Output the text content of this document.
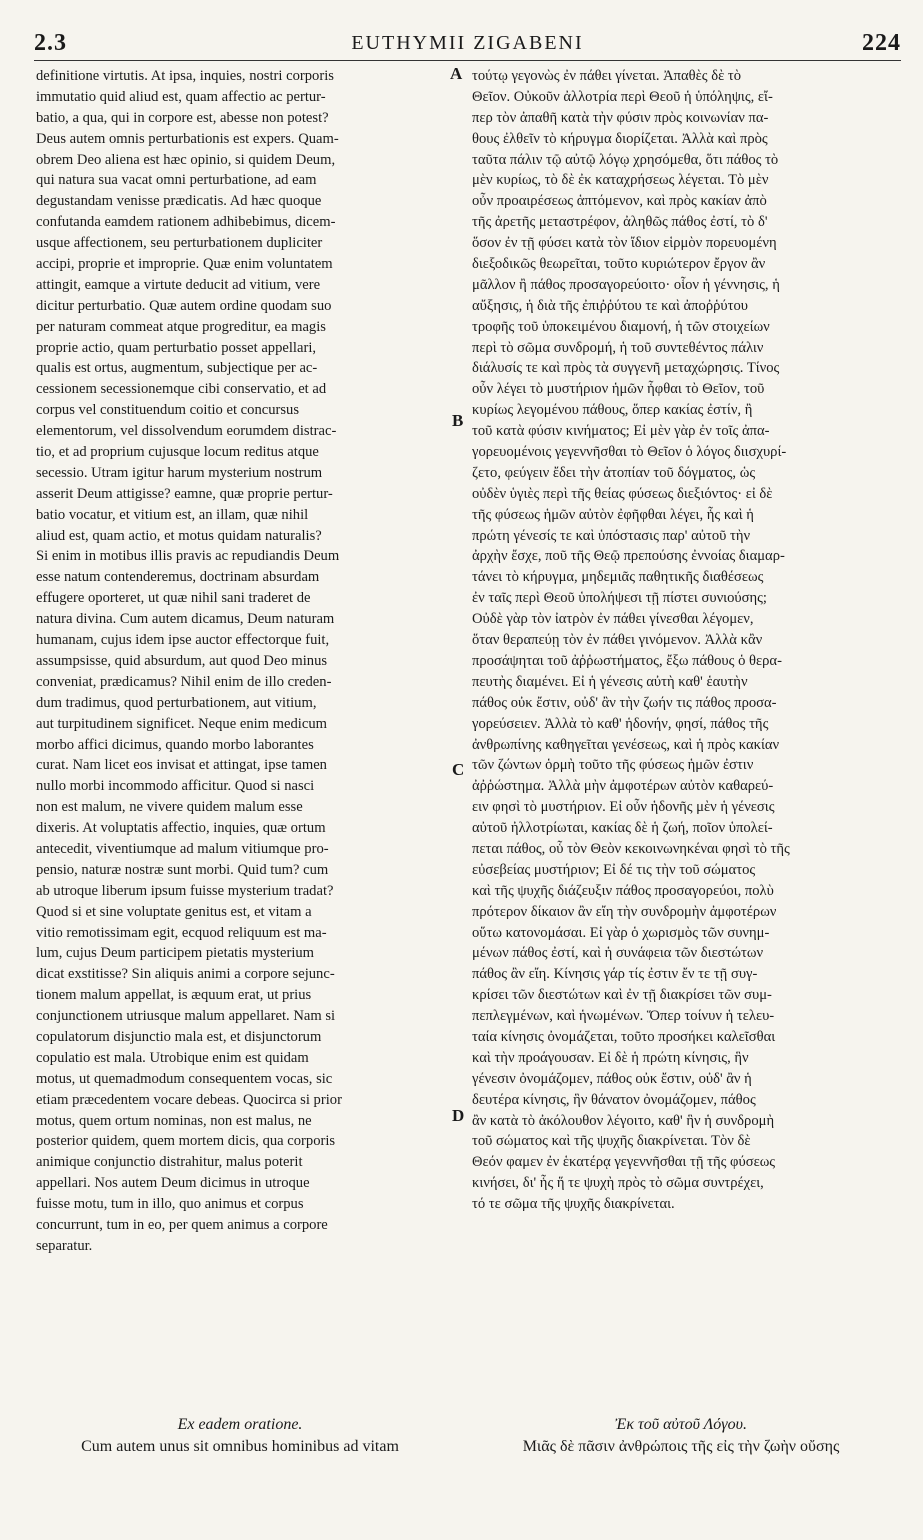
2.3	EUTHYMII ZIGABENI	224
definitione virtutis. At ipsa, inquies, nostri corporis
immutatio quid aliud est, quam affectio ac pertur-
batio, a qua, qui in corpore est, abesse non potest?
Deus autem omnis perturbationis est expers. Quam-
obrem Deo aliena est hæc opinio, si quidem Deum,
qui natura sua vacat omni perturbatione, ad eam
degustandam venisse prædicatis. Ad hæc quoque
confutanda eamdem rationem adhibebimus, dicem-
usque affectionem, seu perturbationem dupliciter
accipi, proprie et improprie. Quæ enim voluntatem
attingit, eamque a virtute deducit ad vitium, vere
dicitur perturbatio. Quæ autem ordine quodam suo
per naturam commeat atque progreditur, ea magis
proprie actio, quam perturbatio posset appellari,
qualis est ortus, augmentum, subjectique per ac-
cessionem secessionemque cibi conservatio, et ad
corpus vel constituendum coitio et concursus
elementorum, vel dissolvendum eorumdem distrac-
tio, et ad proprium cujusque locum reditus atque
secessio. Utram igitur harum mysterium nostrum
asserit Deum attigisse? eamne, quæ proprie pertur-
batio vocatur, et vitium est, an illam, quæ nihil
aliud est, quam actio, et motus quidam naturalis?
Si enim in motibus illis pravis ac repudiandis Deum
esse natum contenderemus, doctrinam absurdam
effugere oporteret, ut quæ nihil sani traderet de
natura divina. Cum autem dicamus, Deum naturam
humanam, cujus idem ipse auctor effectorque fuit,
assumpsisse, quid absurdum, aut quod Deo minus
conveniat, prædicamus? Nihil enim de illo creden-
dum tradimus, quod perturbationem, aut vitium,
aut turpitudinem significet. Neque enim medicum
morbo affici dicimus, quando morbo laborantes
curat. Nam licet eos invisat et attingat, ipse tamen
nullo morbi incommodo afficitur. Quod si nasci
non est malum, ne vivere quidem malum esse
dixeris. At voluptatis affectio, inquies, quæ ortum
antecedit, viventiumque ad malum vitiumque pro-
pensio, naturæ nostræ sunt morbi. Quid tum? cum
ab utroque liberum ipsum fuisse mysterium tradat?
Quod si et sine voluptate genitus est, et vitam a
vitio remotissimam egit, ecquod reliquum est ma-
lum, cujus Deum participem pietatis mysterium
dicat exstitisse? Sin aliquis animi a corpore sejunc-
tionem malum appellat, is æquum erat, ut prius
conjunctionem utriusque malum appellaret. Nam si
copulatorum disjunctio mala est, et disjunctorum
copulatio est mala. Utrobique enim est quidam
motus, ut quemadmodum consequentem vocas, sic
etiam præcedentem vocare debeas. Quocirca si prior
motus, quem ortum nominas, non est malus, ne
posterior quidem, quem mortem dicis, qua corporis
animique conjunctio distrahitur, malus poterit
appellari. Nos autem Deum dicimus in utroque
fuisse motu, tum in illo, quo animus et corpus
concurrunt, tum in eo, per quem animus a corpore
separatur.
τούτῳ γεγονὼς ἐν πάθει γίνεται. Ἀπαθὲς δὲ τὸ
Θεῖον. Οὐκοῦν ἀλλοτρία περὶ Θεοῦ ἡ ὑπόληψις, εἴ-
περ τὸν ἀπαθῆ κατὰ τὴν φύσιν πρὸς κοινωνίαν πα-
θους ἐλθεῖν τὸ κήρυγμα διορίζεται. Ἀλλὰ καὶ πρὸς
ταῦτα πάλιν τῷ αὐτῷ λόγῳ χρησόμεθα, ὅτι πάθος τὸ
μὲν κυρίως, τὸ δὲ ἐκ καταχρήσεως λέγεται. Τὸ μὲν
οὖν προαιρέσεως ἁπτόμενον, καὶ πρὸς κακίαν ἀπὸ
τῆς ἀρετῆς μεταστρέφον, ἀληθῶς πάθος ἐστί, τὸ δ'
ὅσον ἐν τῇ φύσει κατὰ τὸν ἴδιον εἱρμὸν πορευομένη
διεξοδικῶς θεωρεῖται, τοῦτο κυριώτερον ἔργον ἂν
μᾶλλον ἢ πάθος προσαγορεύοιτο· οἷον ἡ γέννησις, ἡ
αὔξησις, ἡ διὰ τῆς ἐπιῤῥύτου τε καὶ ἀποῤῥύτου
τροφῆς τοῦ ὑποκειμένου διαμονή, ἡ τῶν στοιχείων
περὶ τὸ σῶμα συνδρομή, ἡ τοῦ συντεθέντος πάλιν
διάλυσίς τε καὶ πρὸς τὰ συγγενῆ μεταχώρησις. Τίνος
οὖν λέγει τὸ μυστήριον ἡμῶν ἧφθαι τὸ Θεῖον, τοῦ
κυρίως λεγομένου πάθους, ὅπερ κακίας ἐστίν, ἢ
τοῦ κατὰ φύσιν κινήματος; Εἰ μὲν γὰρ ἐν τοῖς ἀπα-
γορευομένοις γεγεννῆσθαι τὸ Θεῖον ὁ λόγος διισχυρί-
ζετο, φεύγειν ἔδει τὴν ἀτοπίαν τοῦ δόγματος, ὡς
οὐδὲν ὑγιὲς περὶ τῆς θείας φύσεως διεξιόντος· εἰ δὲ
τῆς φύσεως ἡμῶν αὐτὸν ἐφῆφθαι λέγει, ἧς καὶ ἡ
πρώτη γένεσίς τε καὶ ὑπόστασις παρ' αὐτοῦ τὴν
ἀρχὴν ἔσχε, ποῦ τῆς Θεῷ πρεπούσης ἐννοίας διαμαρ-
τάνει τὸ κήρυγμα, μηδεμιᾶς παθητικῆς διαθέσεως
ἐν ταῖς περὶ Θεοῦ ὑπολήψεσι τῇ πίστει συνιούσης;
Οὐδὲ γὰρ τὸν ἰατρὸν ἐν πάθει γίνεσθαι λέγομεν,
ὅταν θεραπεύῃ τὸν ἐν πάθει γινόμενον. Ἀλλὰ κἂν
προσάψηται τοῦ ἀῤῥωστήματος, ἔξω πάθους ὁ θερα-
πευτὴς διαμένει. Εἰ ἡ γένεσις αὐτὴ καθ' ἑαυτὴν
πάθος οὐκ ἔστιν, οὐδ' ἂν τὴν ζωήν τις πάθος προσα-
γορεύσειεν. Ἀλλὰ τὸ καθ' ἡδονήν, φησί, πάθος τῆς
ἀνθρωπίνης καθηγεῖται γενέσεως, καὶ ἡ πρὸς κακίαν
τῶν ζώντων ὁρμὴ τοῦτο τῆς φύσεως ἡμῶν ἐστιν
ἀῤῥώστημα. Ἀλλὰ μὴν ἀμφοτέρων αὐτὸν καθαρεύ-
ειν φησὶ τὸ μυστήριον. Εἰ οὖν ἡδονῆς μὲν ἡ γένεσις
αὐτοῦ ἠλλοτρίωται, κακίας δὲ ἡ ζωή, ποῖον ὑπολεί-
πεται πάθος, οὗ τὸν Θεὸν κεκοινωνηκέναι φησὶ τὸ τῆς
εὐσεβείας μυστήριον; Εἰ δέ τις τὴν τοῦ σώματος
καὶ τῆς ψυχῆς διάζευξιν πάθος προσαγορεύοι, πολὺ
πρότερον δίκαιον ἂν εἴη τὴν συνδρομὴν ἀμφοτέρων
οὕτω κατονομάσαι. Εἰ γὰρ ὁ χωρισμὸς τῶν συνημ-
μένων πάθος ἐστί, καὶ ἡ συνάφεια τῶν διεστώτων
πάθος ἂν εἴη. Κίνησις γάρ τίς ἐστιν ἔν τε τῇ συγ-
κρίσει τῶν διεστώτων καὶ ἐν τῇ διακρίσει τῶν συμ-
πεπλεγμένων, καὶ ἡνωμένων. Ὅπερ τοίνυν ἡ τελευ-
ταία κίνησις ὀνομάζεται, τοῦτο προσήκει καλεῖσθαι
καὶ τὴν προάγουσαν. Εἰ δὲ ἡ πρώτη κίνησις, ἣν
γένεσιν ὀνομάζομεν, πάθος οὐκ ἔστιν, οὐδ' ἂν ἡ
δευτέρα κίνησις, ἣν θάνατον ὀνομάζομεν, πάθος
ἂν κατὰ τὸ ἀκόλουθον λέγοιτο, καθ' ἣν ἡ συνδρομὴ
τοῦ σώματος καὶ τῆς ψυχῆς διακρίνεται. Τὸν δὲ
Θεόν φαμεν ἐν ἑκατέρᾳ γεγεννῆσθαι τῇ τῆς φύσεως
κινήσει, δι' ἧς ἥ τε ψυχὴ πρὸς τὸ σῶμα συντρέχει,
τό τε σῶμα τῆς ψυχῆς διακρίνεται.
A
B
C
D
Ex eadem oratione.	Ἐκ τοῦ αὐτοῦ Λόγου.
Cum autem unus sit omnibus hominibus ad vitam	Μιᾶς δὲ πᾶσιν ἀνθρώποις τῆς εἰς τὴν ζωὴν οὔσης
